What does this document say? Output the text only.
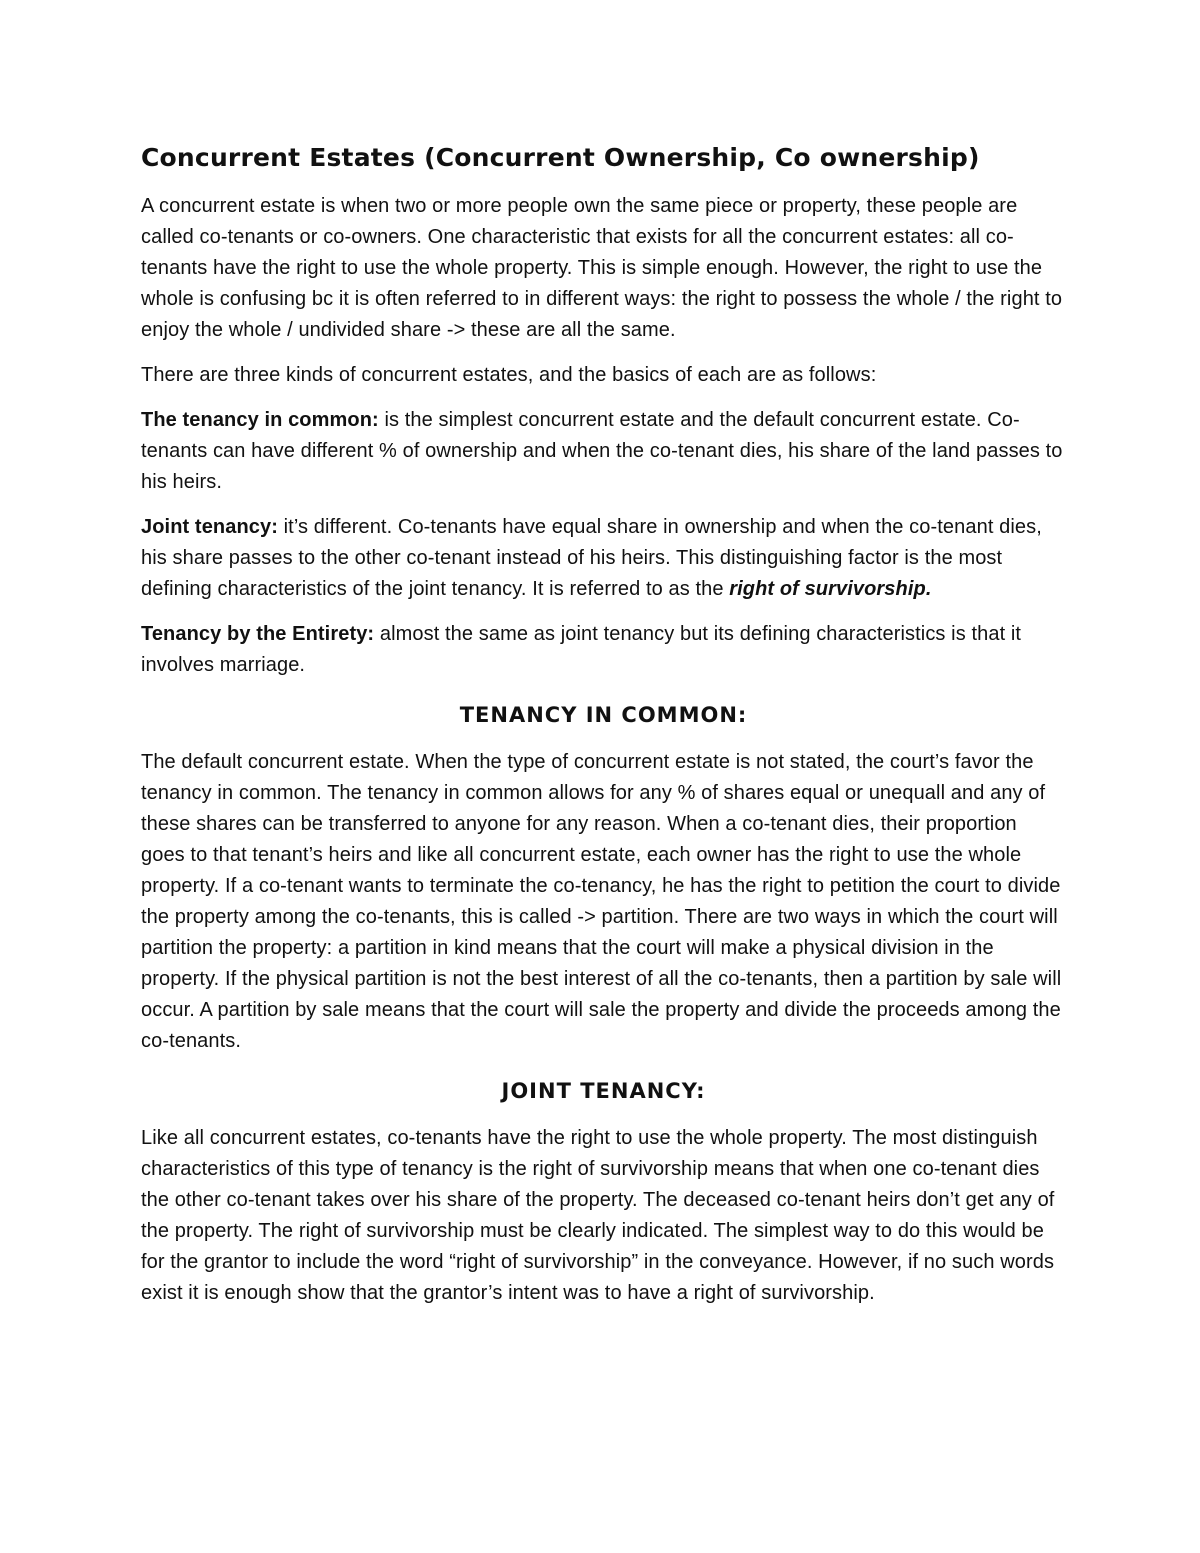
Concurrent Estates (Concurrent Ownership, Co ownership)

A concurrent estate is when two or more people own the same piece or property, these people are called co-tenants or co-owners. One characteristic that exists for all the concurrent estates: all co-tenants have the right to use the whole property. This is simple enough. However, the right to use the whole is confusing bc it is often referred to in different ways: the right to possess the whole / the right to enjoy the whole / undivided share -> these are all the same.

There are three kinds of concurrent estates, and the basics of each are as follows:

The tenancy in common: is the simplest concurrent estate and the default concurrent estate. Co-tenants can have different % of ownership and when the co-tenant dies, his share of the land passes to his heirs.

Joint tenancy: it’s different. Co-tenants have equal share in ownership and when the co-tenant dies, his share passes to the other co-tenant instead of his heirs. This distinguishing factor is the most defining characteristics of the joint tenancy. It is referred to as the right of survivorship.

Tenancy by the Entirety: almost the same as joint tenancy but its defining characteristics is that it involves marriage.

TENANCY IN COMMON:

The default concurrent estate. When the type of concurrent estate is not stated, the court’s favor the tenancy in common. The tenancy in common allows for any % of shares equal or unequall and any of these shares can be transferred to anyone for any reason. When a co-tenant dies, their proportion goes to that tenant’s heirs and like all concurrent estate, each owner has the right to use the whole property. If a co-tenant wants to terminate the co-tenancy, he has the right to petition the court to divide the property among the co-tenants, this is called -> partition. There are two ways in which the court will partition the property: a partition in kind means that the court will make a physical division in the property. If the physical partition is not the best interest of all the co-tenants, then a partition by sale will occur. A partition by sale means that the court will sale the property and divide the proceeds among the co-tenants.

JOINT TENANCY:

Like all concurrent estates, co-tenants have the right to use the whole property. The most distinguish characteristics of this type of tenancy is the right of survivorship means that when one co-tenant dies the other co-tenant takes over his share of the property. The deceased co-tenant heirs don’t get any of the property. The right of survivorship must be clearly indicated. The simplest way to do this would be for the grantor to include the word “right of survivorship” in the conveyance. However, if no such words exist it is enough show that the grantor’s intent was to have a right of survivorship.
